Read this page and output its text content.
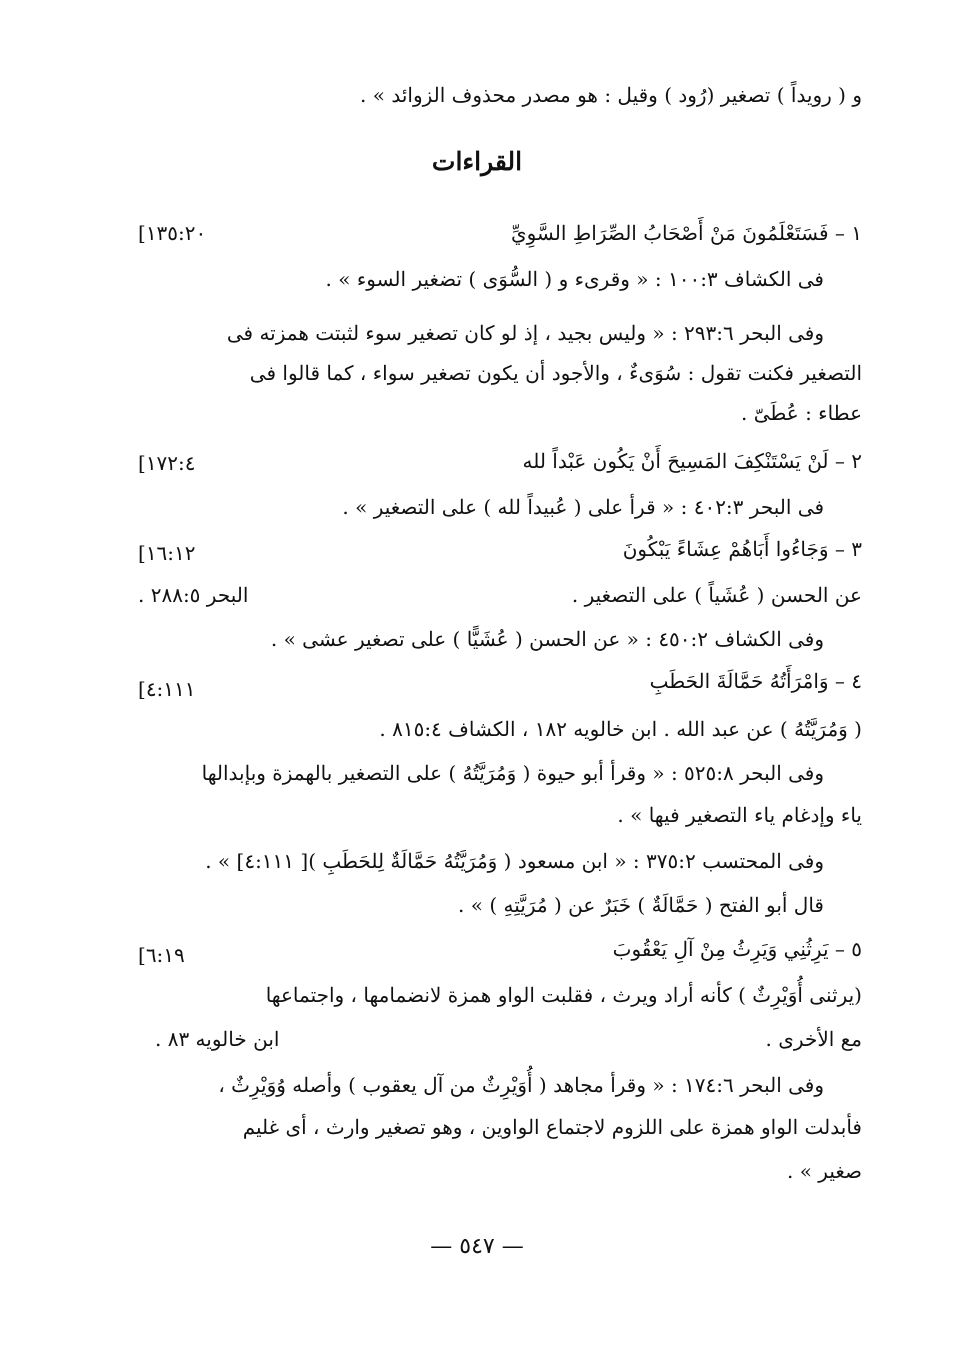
و ( رويداً ) تصغير (رُود ) وقيل : هو مصدر محذوف الزوائد » .
القراءات
١ – فَسَتَعْلَمُونَ مَنْ أَصْحَابُ الصِّرَاطِ السَّوِيِّ
[١٣٥:٢٠
فى الكشاف ١٠٠:٣ : « وقرىء و ( السُّوَى ) تضغير السوء » .
وفى البحر ٢٩٣:٦ : « وليس بجيد ، إذ لو كان تصغير سوء لثبتت همزته فى
التصغير فكنت تقول : سُوَىءٌ ، والأجود أن يكون تصغير سواء ، كما قالوا فى
عطاء : عُطَىّ .
٢ – لَنْ يَسْتَنْكِفَ المَسِيحَ أَنْ يَكُون عَبْداً لله
[١٧٢:٤
فى البحر ٤٠٢:٣ : « قرأ على ( عُبيداً لله ) على التصغير » .
٣ – وَجَاءُوا أَبَاهُمْ عِشَاءً يَبْكُونَ
[١٦:١٢
عن الحسن ( عُشَياً ) على التصغير .
البحر ٢٨٨:٥ .
وفى الكشاف ٤٥٠:٢ : « عن الحسن ( عُشَيًّا ) على تصغير عشى » .
٤ – وَامْرَأَتُهُ حَمَّالَةَ الحَطَبِ
[٤:١١١
( وَمُرَيَّتُهُ ) عن عبد الله . ابن خالويه ١٨٢ ، الكشاف ٨١٥:٤ .
وفى البحر ٥٢٥:٨ : « وقرأ أبو حيوة ( وَمُرَيَّتُهُ ) على التصغير بالهمزة وبإبدالها
ياء وإدغام ياء التصغير فيها » .
وفى المحتسب ٣٧٥:٢ : « ابن مسعود ( وَمُرَيَّتُهُ حَمَّالَةٌ لِلحَطَبِ )[ ٤:١١١] » .
قال أبو الفتح ( حَمَّالَةٌ ) خَبَرٌ عن ( مُرَيَّتِهِ ) » .
٥ – يَرِثُنِي وَيَرِثُ مِنْ آلِ يَعْقُوبَ
[٦:١٩
(يرثنى أُوَيْرِثٌ ) كأنه أراد ويرث ، فقلبت الواو همزة لانضمامها ، واجتماعها
مع الأخرى .
ابن خالويه ٨٣ .
وفى البحر ١٧٤:٦ : « وقرأ مجاهد ( أُوَيْرِثٌ من آل يعقوب ) وأصله وُوَيْرِثٌ ،
فأبدلت الواو همزة على اللزوم لاجتماع الواوين ، وهو تصغير وارث ، أى غليم
صغير » .
— ٥٤٧ —
